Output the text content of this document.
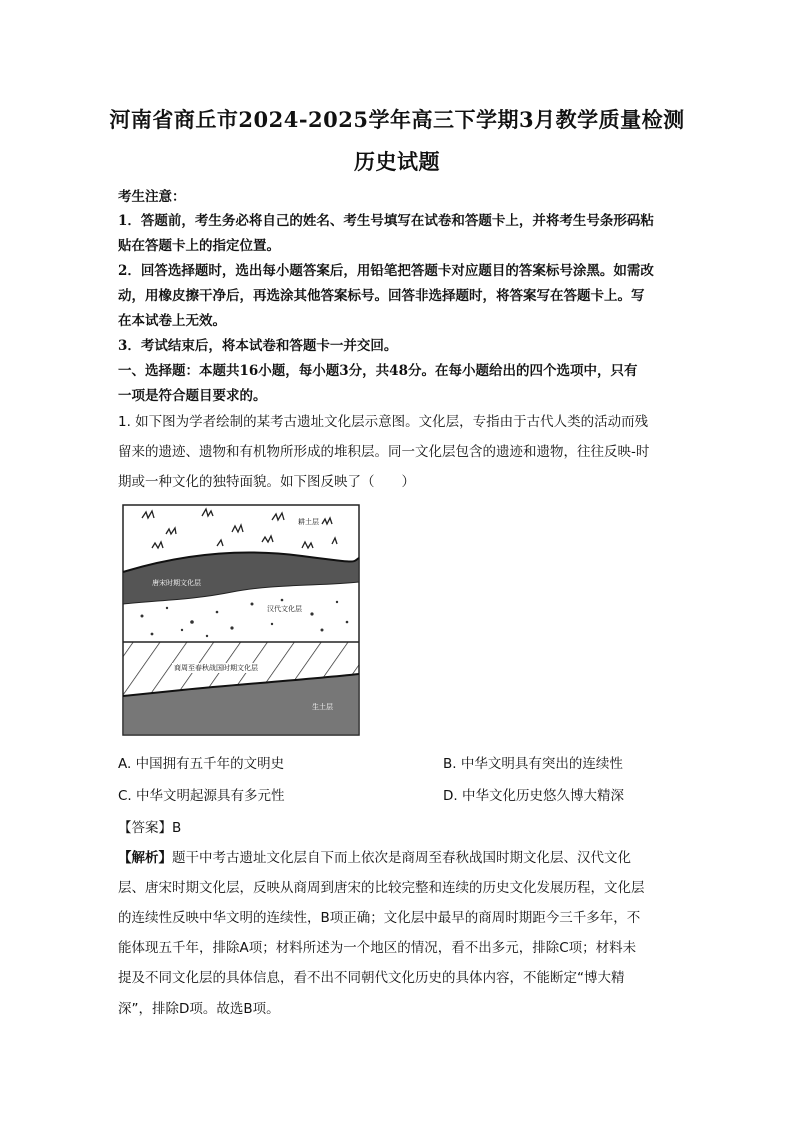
河南省商丘市2024-2025学年高三下学期3月教学质量检测
历史试题
考生注意：
1．答题前，考生务必将自己的姓名、考生号填写在试卷和答题卡上，并将考生号条形码粘
贴在答题卡上的指定位置。
2．回答选择题时，选出每小题答案后，用铅笔把答题卡对应题目的答案标号涂黑。如需改
动，用橡皮擦干净后，再选涂其他答案标号。回答非选择题时，将答案写在答题卡上。写
在本试卷上无效。
3．考试结束后，将本试卷和答题卡一并交回。
一、选择题：本题共16小题，每小题3分，共48分。在每小题给出的四个选项中，只有
一项是符合题目要求的。
1. 如下图为学者绘制的某考古遗址文化层示意图。文化层，专指由于古代人类的活动而残
留来的遗迹、遗物和有机物所形成的堆积层。同一文化层包含的遗迹和遗物，往往反映-时
期或一种文化的独特面貌。如下图反映了（　　）
A. 中国拥有五千年的文明史	B. 中华文明具有突出的连续性
C. 中华文明起源具有多元性	D. 中华文化历史悠久博大精深
【答案】B
【解析】题干中考古遗址文化层自下而上依次是商周至春秋战国时期文化层、汉代文化
层、唐宋时期文化层，反映从商周到唐宋的比较完整和连续的历史文化发展历程，文化层
的连续性反映中华文明的连续性，B项正确；文化层中最早的商周时期距今三千多年，不
能体现五千年，排除A项；材料所述为一个地区的情况，看不出多元，排除C项；材料未
提及不同文化层的具体信息，看不出不同朝代文化历史的具体内容，不能断定“博大精
深”，排除D项。故选B项。
耕土层
唐宋时期文化层
汉代文化层
商周至春秋战国时期文化层
生土层
